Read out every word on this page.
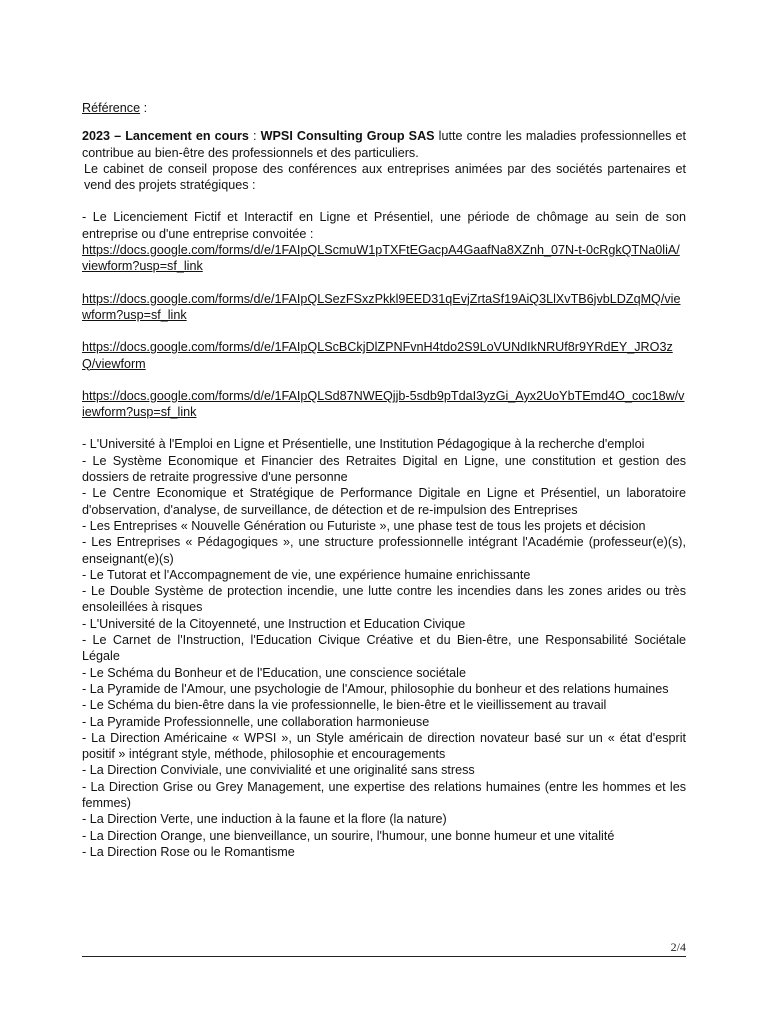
Référence :

2023 – Lancement en cours : WPSI Consulting Group SAS lutte contre les maladies professionnelles et contribue au bien-être des professionnels et des particuliers.

Le cabinet de conseil propose des conférences aux entreprises animées par des sociétés partenaires et vend des projets stratégiques :

- Le Licenciement Fictif et Interactif en Ligne et Présentiel, une période de chômage au sein de son entreprise ou d'une entreprise convoitée :

https://docs.google.com/forms/d/e/1FAIpQLScmuW1pTXFtEGacpA4GaafNa8XZnh_07N-t-0cRgkQTNa0liA/viewform?usp=sf_link
https://docs.google.com/forms/d/e/1FAIpQLSezFSxzPkkl9EED31qEvjZrtaSf19AiQ3LlXvTB6jvbLDZqMQ/viewform?usp=sf_link
https://docs.google.com/forms/d/e/1FAIpQLScBCkjDlZPNFvnH4tdo2S9LoVUNdIkNRUf8r9YRdEY_JRO3zQ/viewform
https://docs.google.com/forms/d/e/1FAIpQLSd87NWEQjjb-5sdb9pTdaI3yzGi_Ayx2UoYbTEmd4O_coc18w/viewform?usp=sf_link
- L'Université à l'Emploi en Ligne et Présentielle, une Institution Pédagogique à la recherche d'emploi
- Le Système Economique et Financier des Retraites Digital en Ligne, une constitution et gestion des dossiers de retraite progressive d'une personne
- Le Centre Economique et Stratégique de Performance Digitale en Ligne et Présentiel, un laboratoire d'observation, d'analyse, de surveillance, de détection et de re-impulsion des Entreprises
- Les Entreprises « Nouvelle Génération ou Futuriste », une phase test de tous les projets et décision
- Les Entreprises « Pédagogiques », une structure professionnelle intégrant l'Académie (professeur(e)(s), enseignant(e)(s)
- Le Tutorat et l'Accompagnement de vie, une expérience humaine enrichissante
- Le Double Système de protection incendie, une lutte contre les incendies dans les zones arides ou très ensoleillées à risques
- L'Université de la Citoyenneté, une Instruction et Education Civique
- Le Carnet de l'Instruction, l'Education Civique Créative et du Bien-être, une Responsabilité Sociétale Légale
- Le Schéma du Bonheur et de l'Education, une conscience sociétale
- La Pyramide de l'Amour, une psychologie de l'Amour, philosophie du bonheur et des relations humaines
- Le Schéma du bien-être dans la vie professionnelle, le bien-être et le vieillissement au travail
- La Pyramide Professionnelle, une collaboration harmonieuse
- La Direction Américaine « WPSI », un Style américain de direction novateur basé sur un « état d'esprit positif » intégrant style, méthode, philosophie et encouragements
- La Direction Conviviale, une convivialité et une originalité sans stress
- La Direction Grise ou Grey Management, une expertise des relations humaines (entre les hommes et les femmes)
- La Direction Verte, une induction à la faune et la flore (la nature)
- La Direction Orange, une bienveillance, un sourire, l'humour, une bonne humeur et une vitalité
- La Direction Rose ou le Romantisme
2/4
